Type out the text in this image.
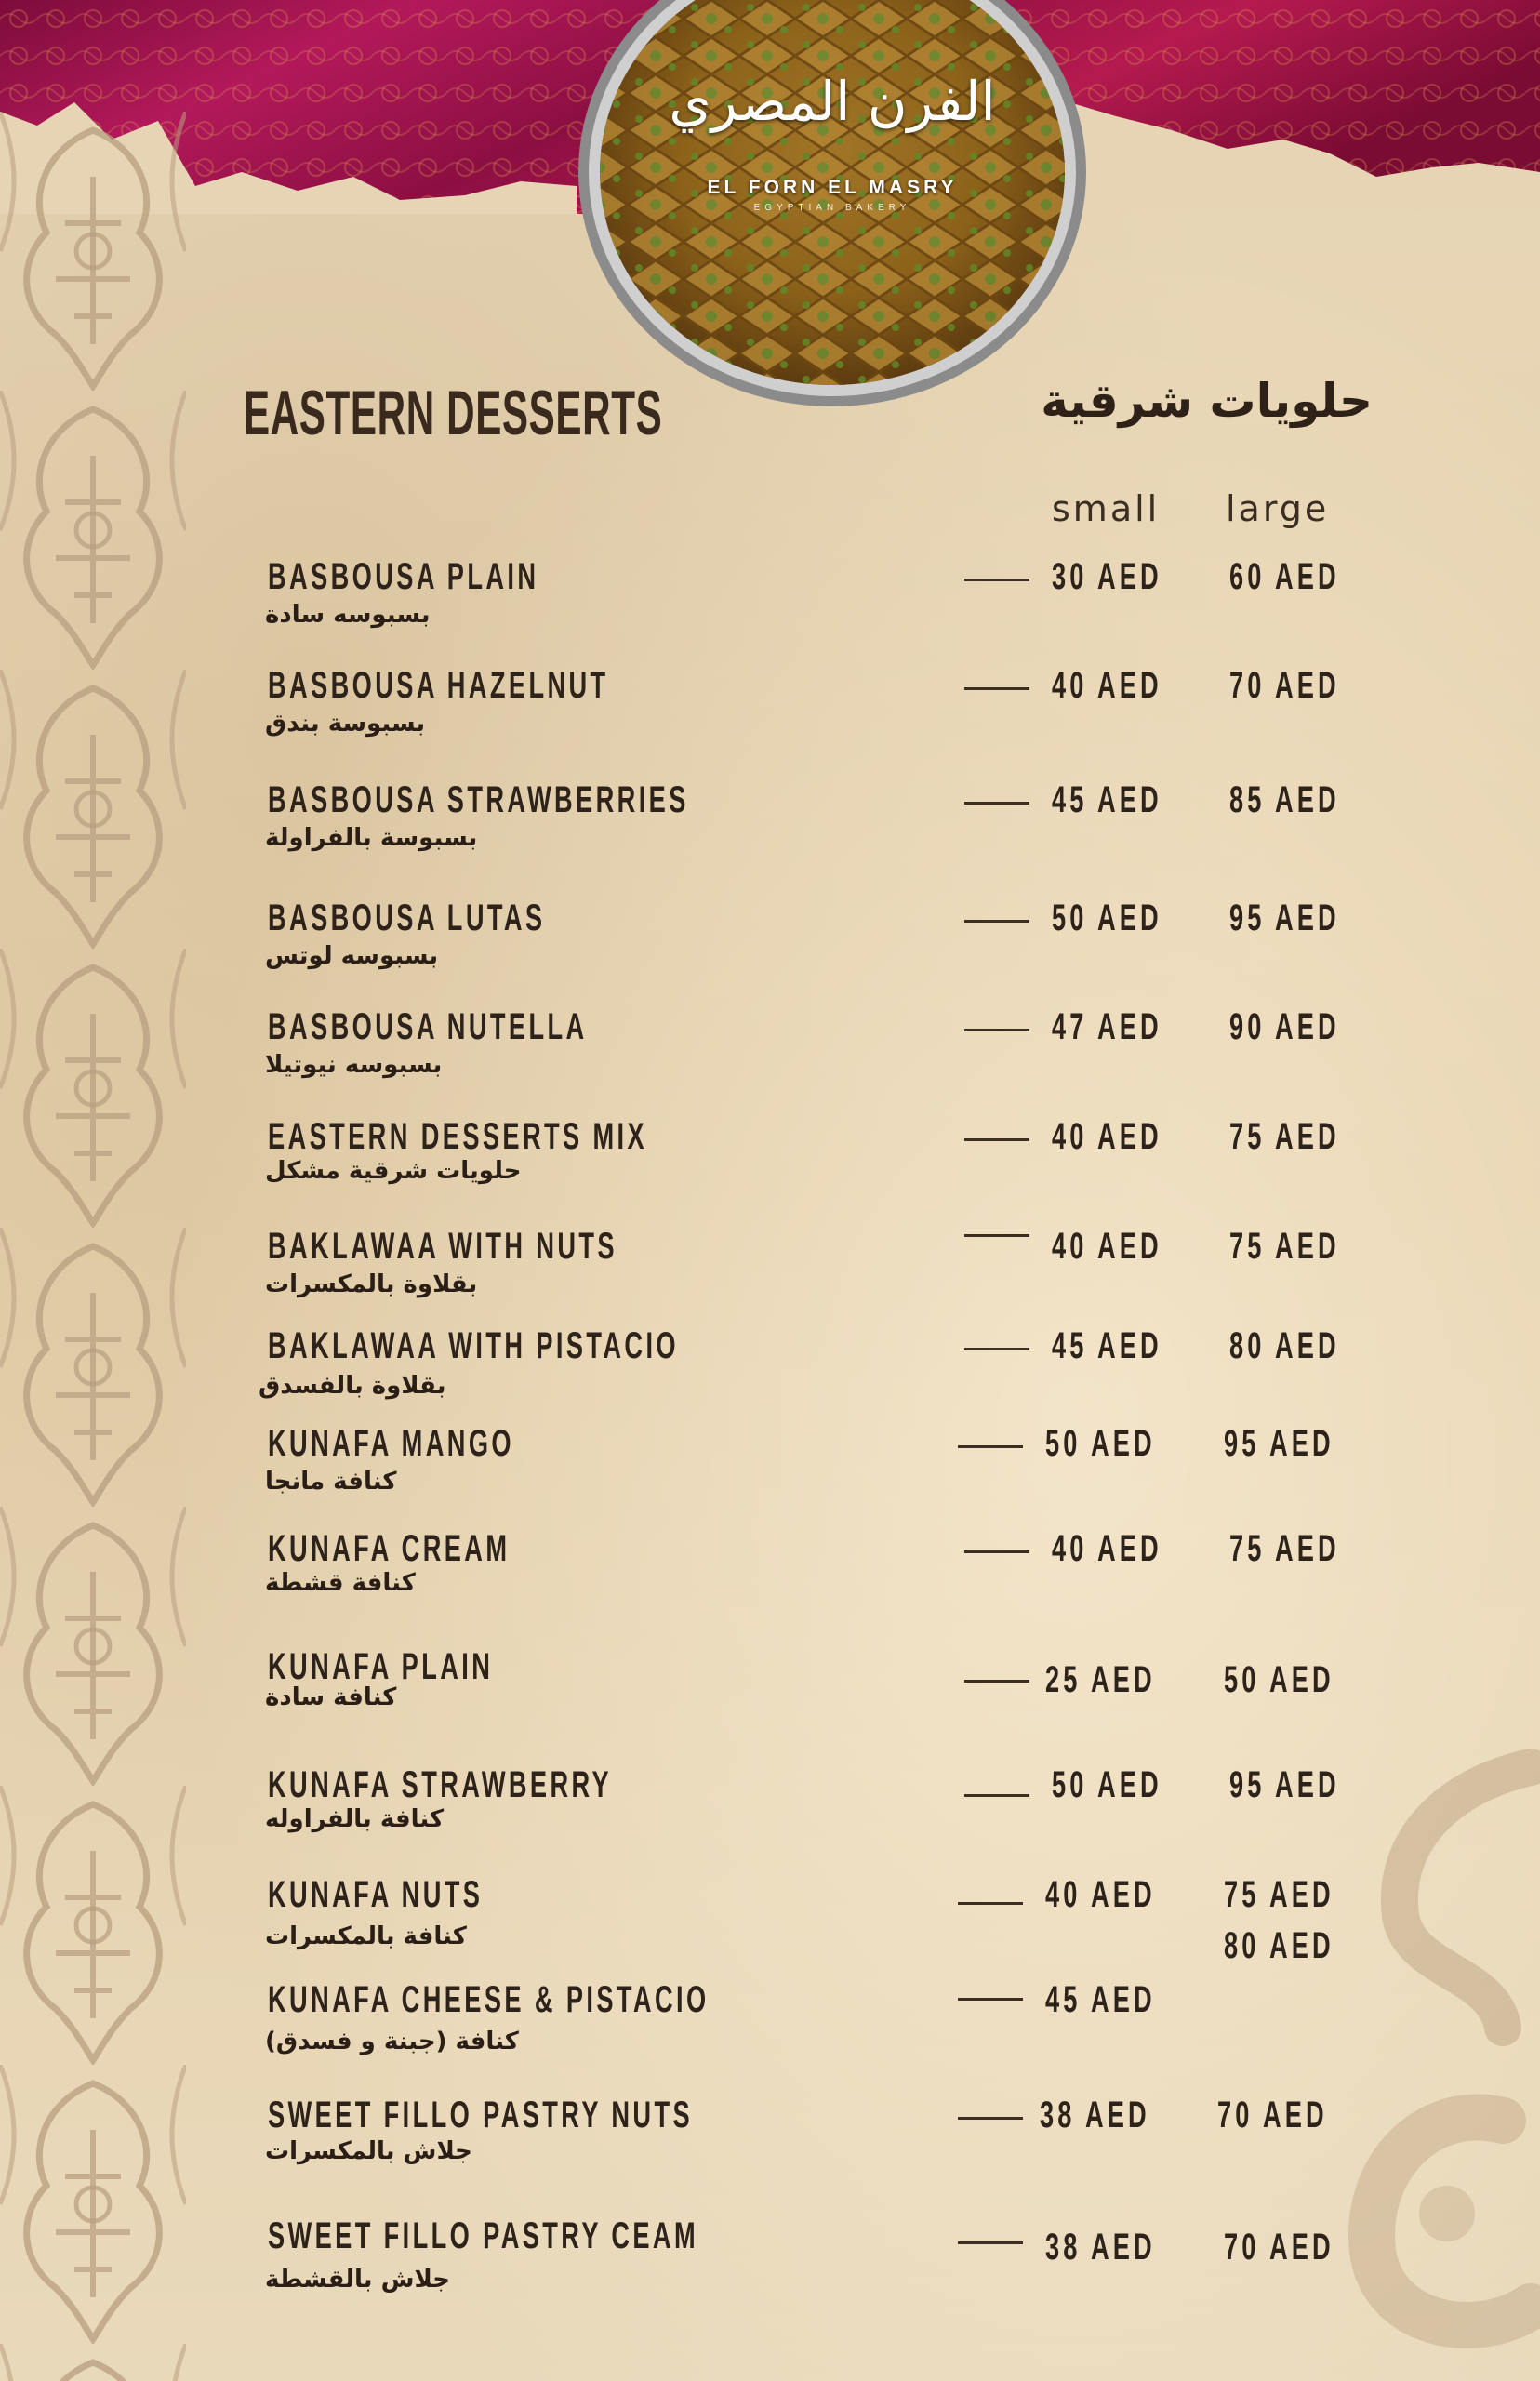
الفرن المصري
EL FORN EL MASRY
EGYPTIAN BAKERY
EASTERN DESSERTS	حلويات شرقية
small large
BASBOUSA PLAIN
بسبوسه سادة
30 AED 60 AED
BASBOUSA HAZELNUT
بسبوسة بندق
40 AED 70 AED
BASBOUSA STRAWBERRIES
بسبوسة بالفراولة
45 AED 85 AED
BASBOUSA LUTAS
بسبوسه لوتس
50 AED 95 AED
BASBOUSA NUTELLA
بسبوسه نيوتيلا
47 AED 90 AED
EASTERN DESSERTS MIX
حلويات شرقية مشكل
40 AED 75 AED
BAKLAWAA WITH NUTS
بقلاوة بالمكسرات
40 AED 75 AED
BAKLAWAA WITH PISTACIO
بقلاوة بالفسدق
45 AED 80 AED
KUNAFA MANGO
كنافة مانجا
50 AED 95 AED
KUNAFA CREAM
كنافة قشطة
40 AED 75 AED
KUNAFA PLAIN
كنافة سادة	25 AED 50 AED
KUNAFA STRAWBERRY
كنافة بالفراوله
50 AED 95 AED
KUNAFA NUTS
كنافة بالمكسرات
40 AED 75 AED
KUNAFA CHEESE & PISTACIO
كنافة (جبنة و فسدق)
45 AED
80 AED
SWEET FILLO PASTRY NUTS
جلاش بالمكسرات
38 AED 70 AED
SWEET FILLO PASTRY CEAM
جلاش بالقشطة
38 AED 70 AED
